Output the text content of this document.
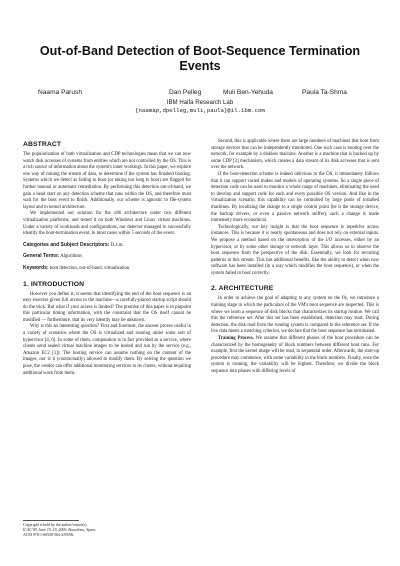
Out-of-Band Detection of Boot-Sequence Termination Events
Naama Parush	Dan Pelleg	Muli Ben-Yehuda	Paula Ta-Shma
IBM Haifa Research Lab
{naamap,dpelleg,muli,paula}@il.ibm.com
ABSTRACT

The popularization of both virtualization and CDP technologies mean that we can now watch disk accesses of systems from entities which are not controlled by the OS. This is a rich source of information about the system's inner workings. In this paper, we explore one way of mining the stream of data, to determine if the system has finished booting. Systems which we detect as failing to boot (or taking too long to boot) are flagged for further manual or automatic remediation. By performing this detection out-of-band, we gain a head start on any detection scheme that runs within the OS, and therefore must wait for the boot event to finish. Additionally, our scheme is agnostic to file-system layout and to kernel architecture.

We implemented our solution for the x86 architecture under two different virtualization platforms, and tested it on both Windows and Linux virtual machines. Under a variety of workloads and configurations, our detector managed to successfully identify the boot-termination event, in most cases within 5 seconds of the event.

Categories and Subject Descriptors: D.4.m.

General Terms: Algorithms

Keywords: boot detection, out-of-band, virtualization.

1. INTRODUCTION

However you define it, it seems that identifying the end of the boot sequence is an easy exercise given full access to the machine—a carefully-placed startup script should do the trick. But what if your access is limited? The premise of this paper is to pinpoint this particular timing information, with the constraint that the OS itself cannot be modified — furthermore, that its very identity may be unknown.

Why is this an interesting question? First and foremost, the answer proves useful in a variety of scenarios where the OS is virtualized and running under some sort of hypervisor [4, 6]. In some of them, computation is in fact provided as a service, where clients send sealed virtual machine images to be hosted and run by the service (e.g., Amazon EC2 [1]). The hosting service can assume nothing on the content of the images, nor is it (contractually) allowed to modify them. By solving the question we pose, the vendor can offer additional monitoring services to its clients, without requiring additional work from them.

Copyright is held by the author/owner(s).
ICAC'09, June 15–19, 2009, Barcelona, Spain.
ACM 978-1-60558-564-2/09/06.

Second, this is applicable where there are large numbers of machines that boot from storage devices that can be independently monitored. One such case is booting over the network, for example by a diskless machine. Another is a machine that is backed up by some CDP [3] mechanism, which creates a data stream of its disk accesses that is sent over the network.

If the boot-detection scheme is indeed oblivious to the OS, it immediately follows that it can support varied makes and models of operating systems. So a single piece of detection code can be used to monitor a whole range of machines, eliminating the need to develop and support code for each and every possible OS version. And like in the virtualization scenario, this capability can be controlled by large pools of installed machines. By localizing the change to a single control point (be it the storage device, the backup drivers, or even a passive network sniffer), such a change is made immensely more economical.

Technologically, our key insight is that the boot sequence is repetitive across instances. This is because it is nearly spontaneous and does not rely on external inputs. We propose a method based on the interception of the I/O accesses, either by an hypervisor, or by some other storage or network layer. This allows us to observe the boot sequence from the perspective of the disk. Essentially, we look for recurring patterns in this stream. This has additional benefits, like the ability to detect when new software has been installed (in a way which modifies the boot sequence), or when the system failed to boot correctly.

2. ARCHITECTURE

In order to achieve the goal of adapting to any system on the fly, we introduce a training stage in which the particulars of the VM's boot sequence are inspected. This is where we learn a sequence of disk blocks that characterizes its startup routine. We call this the reference set. After this set has been established, detection may start. During detection, the disk read from the running system is compared to the reference set. If the live data meets a matching criterion, we declare that the boot sequence has terminated.

Training Process. We assume that different phases of the boot procedure can be characterized by the homogeneity of block numbers between different boot runs. For example, first the kernel image will be read, in sequential order. Afterwards, the start-up procedure may commence, with some variability in the block numbers. Finally, once the system is running, the variability will be highest. Therefore, we divide the block sequence into phases with differing levels of
